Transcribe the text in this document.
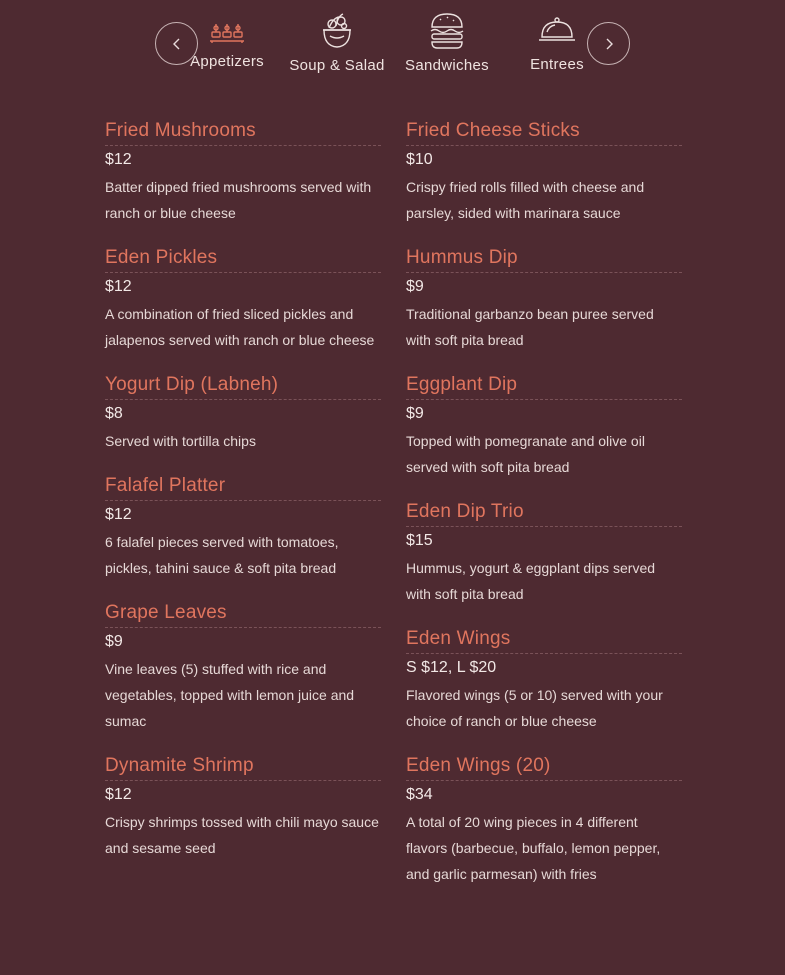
Appetizers	Soup & Salad	Sandwiches	Entrees
Fried Mushrooms
$12
Batter dipped fried mushrooms served with ranch or blue cheese
Eden Pickles
$12
A combination of fried sliced pickles and jalapenos served with ranch or blue cheese
Yogurt Dip (Labneh)
$8
Served with tortilla chips
Falafel Platter
$12
6 falafel pieces served with tomatoes, pickles, tahini sauce & soft pita bread
Grape Leaves
$9
Vine leaves (5) stuffed with rice and vegetables, topped with lemon juice and sumac
Dynamite Shrimp
$12
Crispy shrimps tossed with chili mayo sauce and sesame seed
Fried Cheese Sticks
$10
Crispy fried rolls filled with cheese and parsley, sided with marinara sauce
Hummus Dip
$9
Traditional garbanzo bean puree served with soft pita bread
Eggplant Dip
$9
Topped with pomegranate and olive oil served with soft pita bread
Eden Dip Trio
$15
Hummus, yogurt & eggplant dips served with soft pita bread
Eden Wings
S $12, L $20
Flavored wings (5 or 10) served with your choice of ranch or blue cheese
Eden Wings (20)
$34
A total of 20 wing pieces in 4 different flavors (barbecue, buffalo, lemon pepper, and garlic parmesan) with fries
